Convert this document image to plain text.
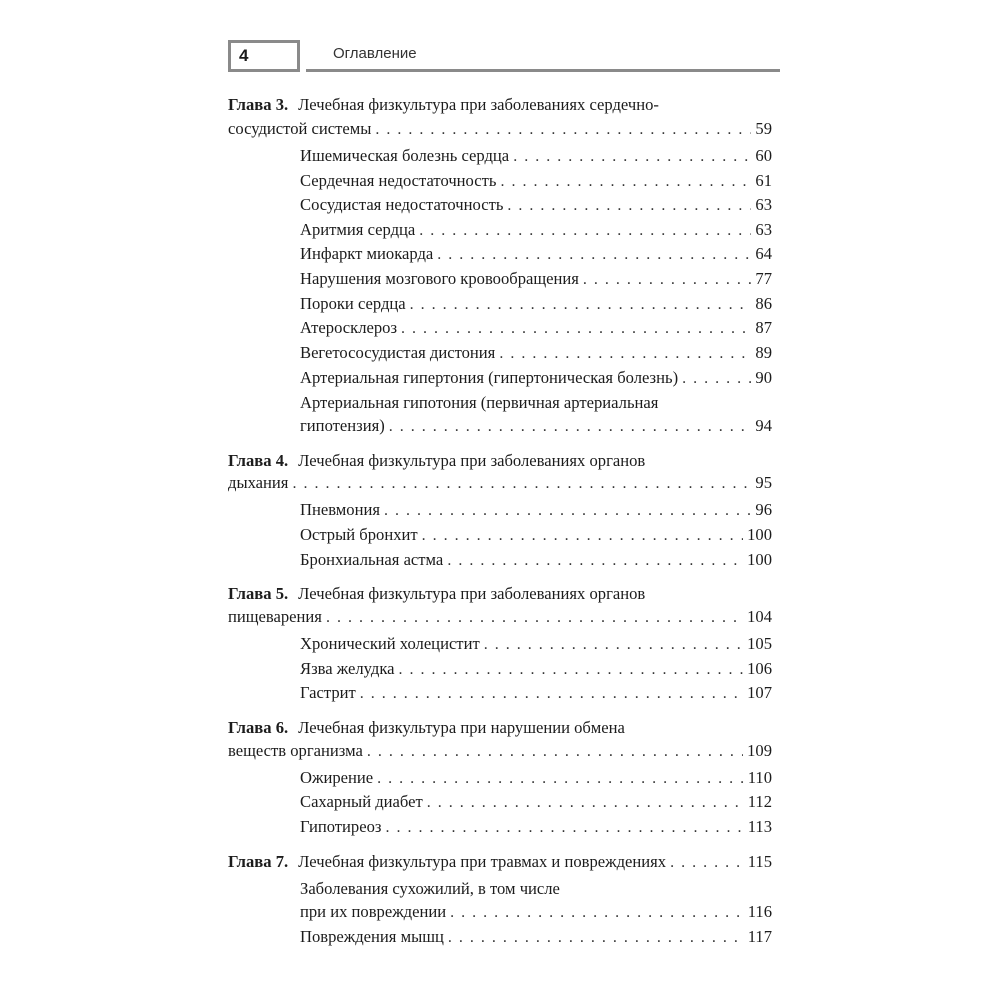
4	Оглавление
Глава 3. Лечебная физкультура при заболеваниях сердечно-
сосудистой системы . . .	59
Ишемическая болезнь сердца . . .	60
Сердечная недостаточность . . .	61
Сосудистая недостаточность . . .	63
Аритмия сердца . . .	63
Инфаркт миокарда . . .	64
Нарушения мозгового кровообращения . . .	77
Пороки сердца . . .	86
Атеросклероз . . .	87
Вегетососудистая дистония . . .	89
Артериальная гипертония (гипертоническая болезнь) . . .	90
Артериальная гипотония (первичная артериальная
гипотензия) . . .	94
Глава 4. Лечебная физкультура при заболеваниях органов
дыхания . . .	95
Пневмония . . .	96
Острый бронхит . . .	100
Бронхиальная астма . . .	100
Глава 5. Лечебная физкультура при заболеваниях органов
пищеварения . . .	104
Хронический холецистит . . .	105
Язва желудка . . .	106
Гастрит . . .	107
Глава 6. Лечебная физкультура при нарушении обмена
веществ организма . . .	109
Ожирение . . .	110
Сахарный диабет . . .	112
Гипотиреоз . . .	113
Глава 7. Лечебная физкультура при травмах и повреждениях . . .	115
Заболевания сухожилий, в том числе
при их повреждении . . .	116
Повреждения мышц . . .	117
